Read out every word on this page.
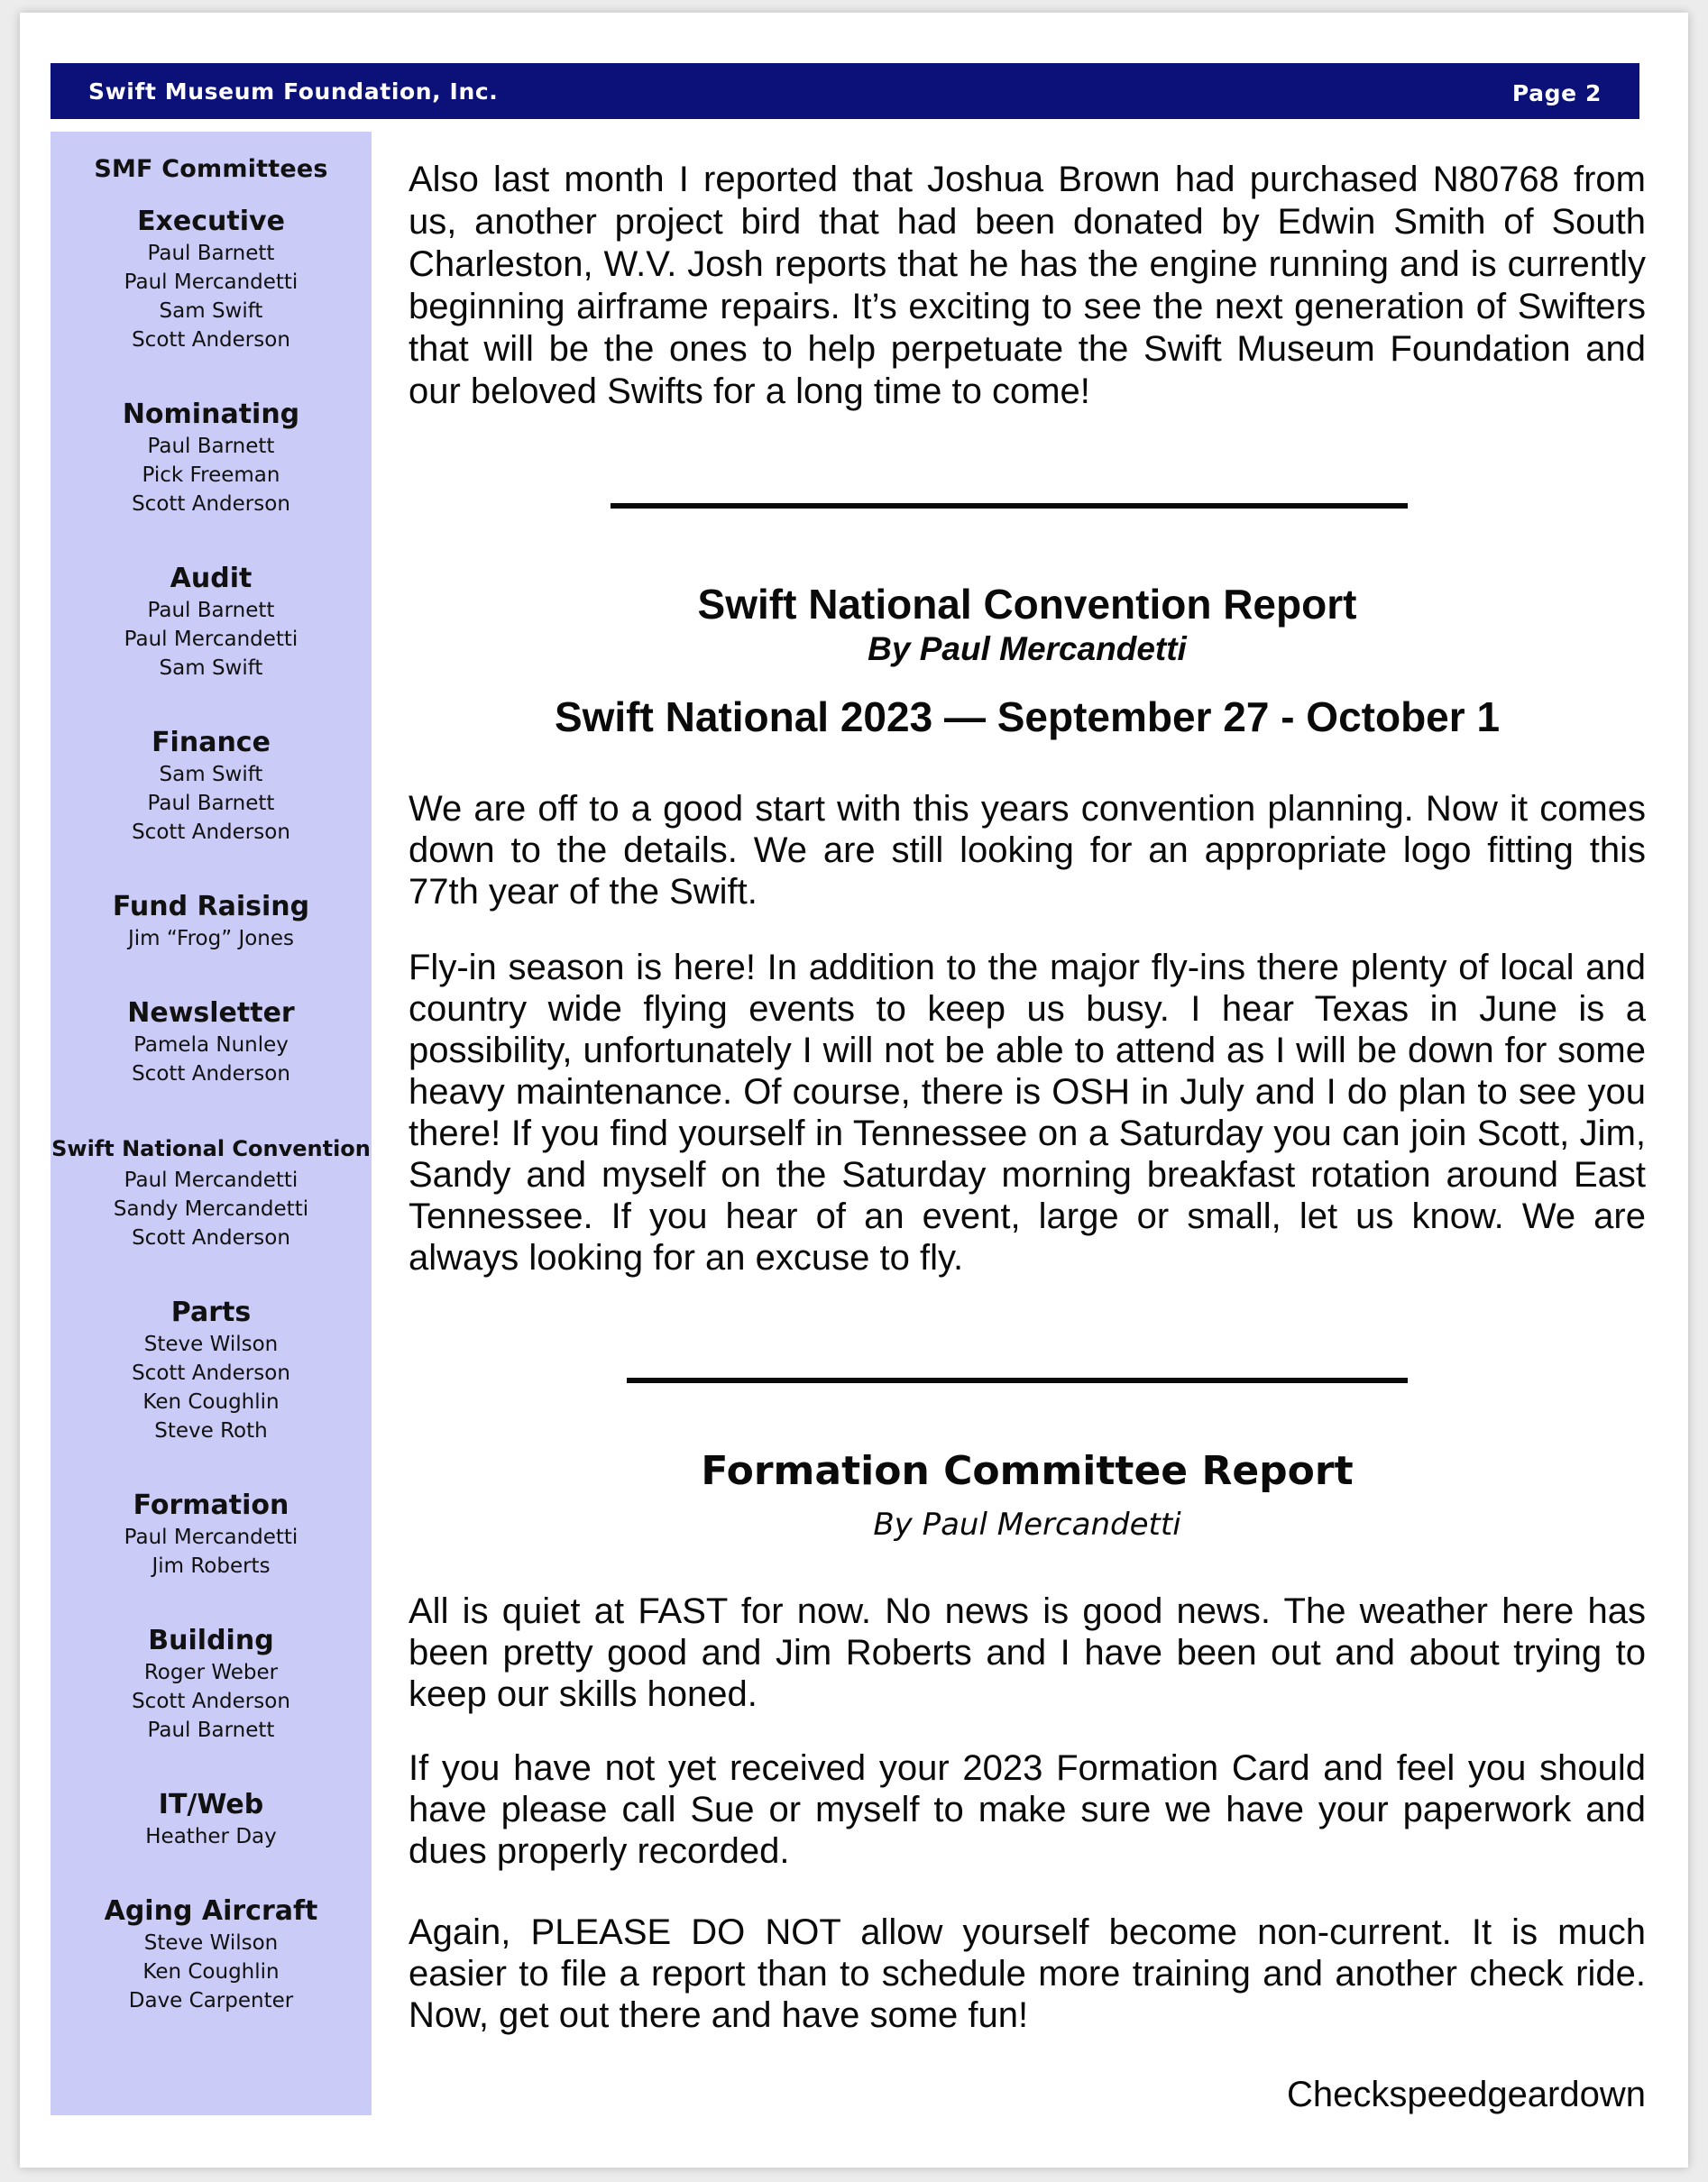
Swift Museum Foundation, Inc.	Page 2
SMF Committees
Executive
Paul Barnett
Paul Mercandetti
Sam Swift
Scott Anderson
Nominating
Paul Barnett
Pick Freeman
Scott Anderson
Audit
Paul Barnett
Paul Mercandetti
Sam Swift
Finance
Sam Swift
Paul Barnett
Scott Anderson
Fund Raising
Jim “Frog” Jones
Newsletter
Pamela Nunley
Scott Anderson
Swift National Convention
Paul Mercandetti
Sandy Mercandetti
Scott Anderson
Parts
Steve Wilson
Scott Anderson
Ken Coughlin
Steve Roth
Formation
Paul Mercandetti
Jim Roberts
Building
Roger Weber
Scott Anderson
Paul Barnett
IT/Web
Heather Day
Aging Aircraft
Steve Wilson
Ken Coughlin
Dave Carpenter

Also last month I reported that Joshua Brown had purchased N80768 from us, another project bird that had been donated by Edwin Smith of South Charleston, W.V. Josh reports that he has the engine running and is currently beginning airframe repairs. It’s exciting to see the next generation of Swifters that will be the ones to help perpetuate the Swift Museum Foundation and our beloved Swifts for a long time to come!

Swift National Convention Report
By Paul Mercandetti
Swift National 2023 — September 27 - October 1
We are off to a good start with this years convention planning. Now it comes down to the details. We are still looking for an appropriate logo fitting this 77th year of the Swift.
Fly-in season is here! In addition to the major fly-ins there plenty of local and country wide flying events to keep us busy. I hear Texas in June is a possibility, unfortunately I will not be able to attend as I will be down for some heavy maintenance. Of course, there is OSH in July and I do plan to see you there! If you find yourself in Tennessee on a Saturday you can join Scott, Jim, Sandy and myself on the Saturday morning breakfast rotation around East Tennessee. If you hear of an event, large or small, let us know. We are always looking for an excuse to fly.
Formation Committee Report
By Paul Mercandetti
All is quiet at FAST for now. No news is good news. The weather here has been pretty good and Jim Roberts and I have been out and about trying to keep our skills honed.
If you have not yet received your 2023 Formation Card and feel you should have please call Sue or myself to make sure we have your paperwork and dues properly recorded.
Again, PLEASE DO NOT allow yourself become non-current. It is much easier to file a report than to schedule more training and another check ride. Now, get out there and have some fun!
Checkspeedgeardown
